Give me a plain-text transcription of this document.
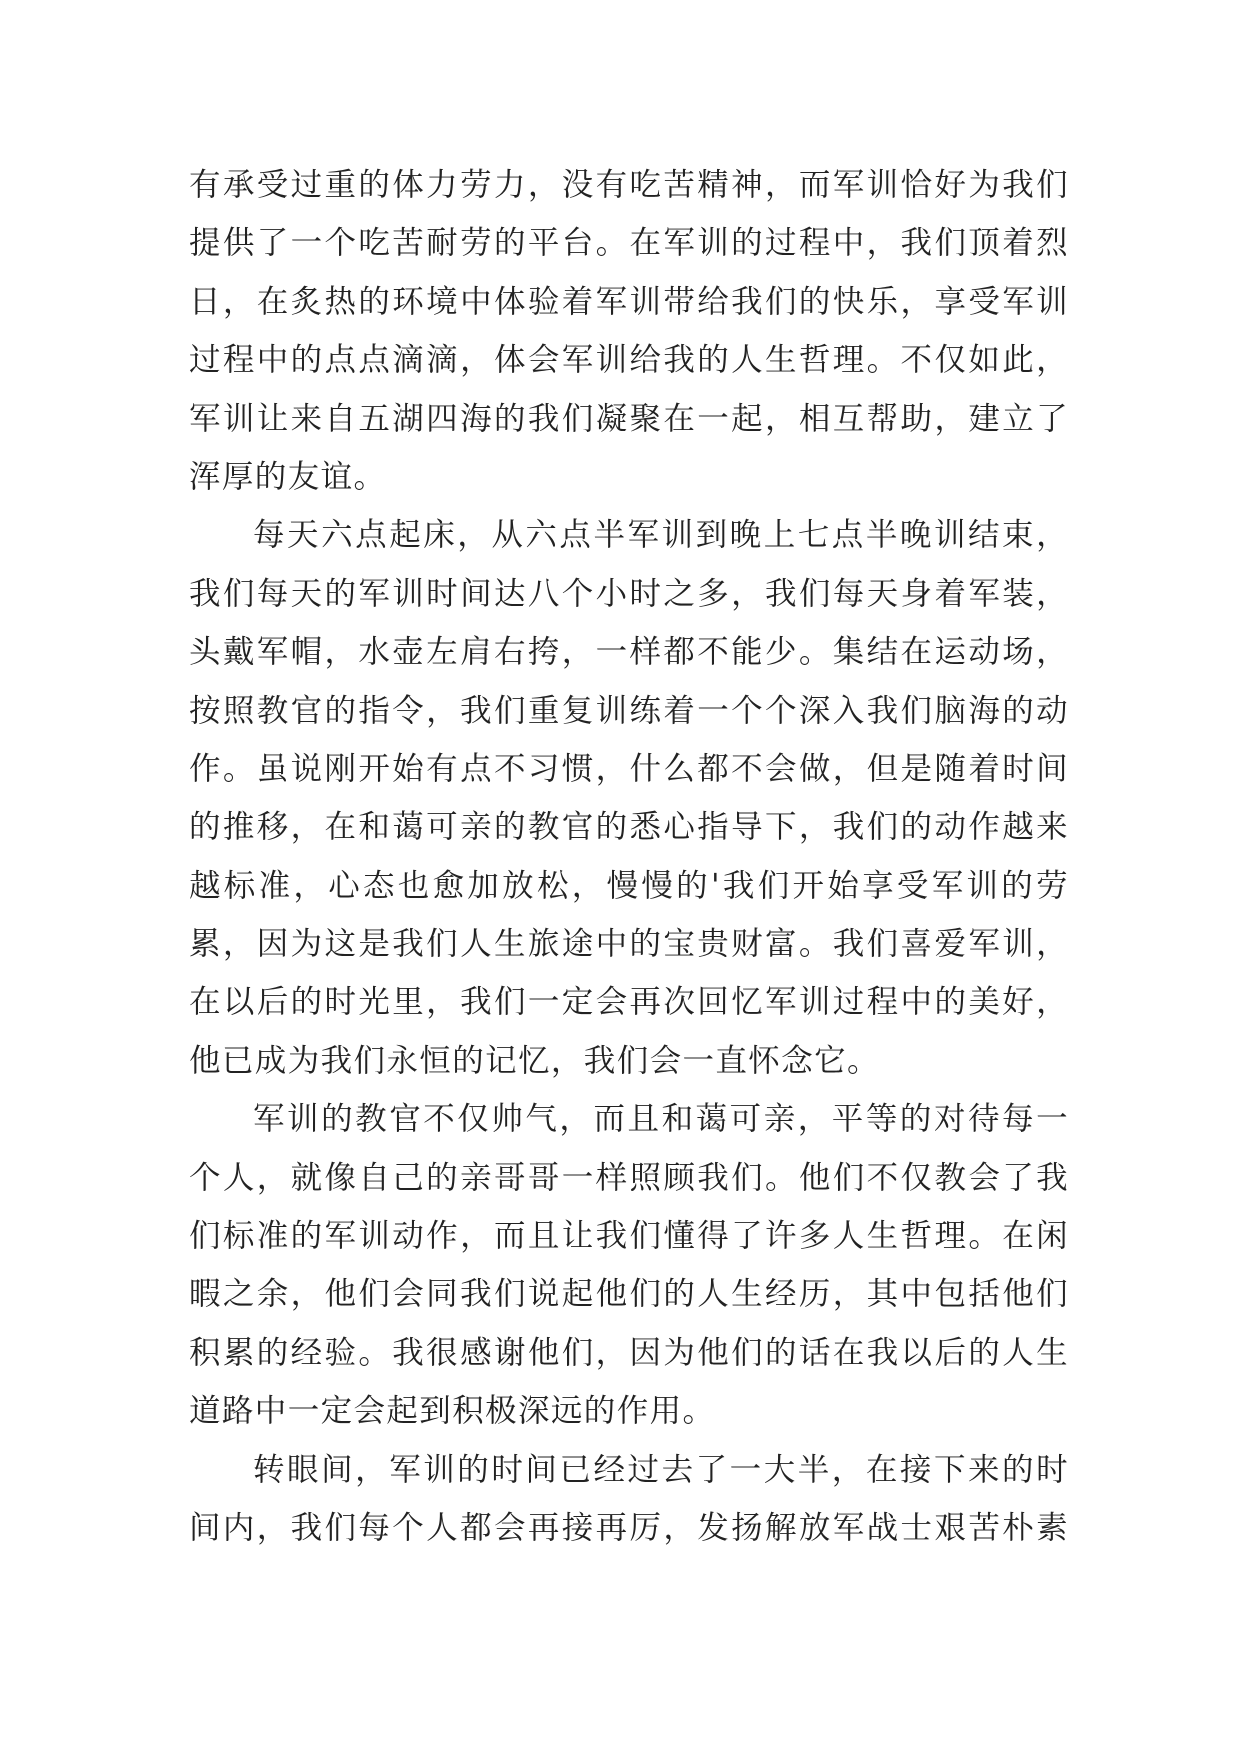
有承受过重的体力劳力，没有吃苦精神，而军训恰好为我们
提供了一个吃苦耐劳的平台。在军训的过程中，我们顶着烈
日，在炙热的环境中体验着军训带给我们的快乐，享受军训
过程中的点点滴滴，体会军训给我的人生哲理。不仅如此，
军训让来自五湖四海的我们凝聚在一起，相互帮助，建立了
浑厚的友谊。
每天六点起床，从六点半军训到晚上七点半晚训结束，
我们每天的军训时间达八个小时之多，我们每天身着军装，
头戴军帽，水壶左肩右挎，一样都不能少。集结在运动场，
按照教官的指令，我们重复训练着一个个深入我们脑海的动
作。虽说刚开始有点不习惯，什么都不会做，但是随着时间
的推移，在和蔼可亲的教官的悉心指导下，我们的动作越来
越标准，心态也愈加放松，慢慢的'我们开始享受军训的劳
累，因为这是我们人生旅途中的宝贵财富。我们喜爱军训，
在以后的时光里，我们一定会再次回忆军训过程中的美好，
他已成为我们永恒的记忆，我们会一直怀念它。
军训的教官不仅帅气，而且和蔼可亲，平等的对待每一
个人，就像自己的亲哥哥一样照顾我们。他们不仅教会了我
们标准的军训动作，而且让我们懂得了许多人生哲理。在闲
暇之余，他们会同我们说起他们的人生经历，其中包括他们
积累的经验。我很感谢他们，因为他们的话在我以后的人生
道路中一定会起到积极深远的作用。
转眼间，军训的时间已经过去了一大半，在接下来的时
间内，我们每个人都会再接再厉，发扬解放军战士艰苦朴素
